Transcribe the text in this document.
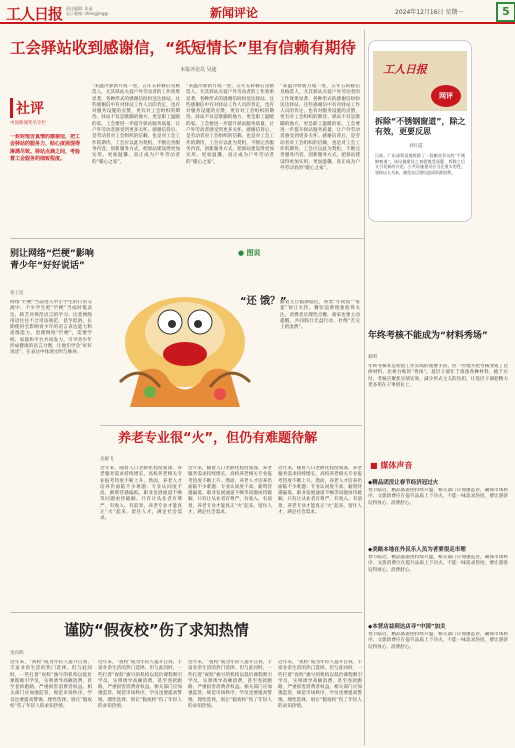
工人日报 责任编辑: 张晶
电子邮箱: zhangjing@..	新闻评论	2024年12月16日 星期一	5
工会驿站收到感谢信，“纸短情长”里有信赖有期待
本报评论员 吴迪
社评
中国新闻奖名专栏
一封封饱含真情的感谢信，把工会驿站的服务力、贴心度展现得淋漓尽致。驿站点滴之间，考验着工会服务的细致程度。
“来温冷驿新月成一进，五年五转移后及格选人，尤其驿站关爱户外劳动者的工作效果显著，各种形式的感谢信纷纷送达驿站。这些感谢信中有对驿站工作人员的肯定，也有对服务设施的点赞，更有对工会组织的期待。驿站不仅是歇脚的地方，更是职工温暖的家。工会要进一步提升驿站服务质量，让户外劳动者感受到更多关怀。感谢信背后，是劳动者对工会组织的信赖，也是对工会工作的期待，工会应以此为契机，不断完善服务内容，创新服务方式，把驿站建设得更加实用、更加温馨，真正成为户外劳动者的“暖心之家”。
“来温冷驿新月成一进，五年五转移后及格选人，尤其驿站关爱户外劳动者的工作效果显著，各种形式的感谢信纷纷送达驿站。这些感谢信中有对驿站工作人员的肯定，也有对服务设施的点赞，更有对工会组织的期待。驿站不仅是歇脚的地方，更是职工温暖的家。工会要进一步提升驿站服务质量，让户外劳动者感受到更多关怀。感谢信背后，是劳动者对工会组织的信赖，也是对工会工作的期待，工会应以此为契机，不断完善服务内容，创新服务方式，把驿站建设得更加实用、更加温馨，真正成为户外劳动者的“暖心之家”。
“来温冷驿新月成一进，五年五转移后及格选人，尤其驿站关爱户外劳动者的工作效果显著，各种形式的感谢信纷纷送达驿站。这些感谢信中有对驿站工作人员的肯定，也有对服务设施的点赞，更有对工会组织的期待。驿站不仅是歇脚的地方，更是职工温暖的家。工会要进一步提升驿站服务质量，让户外劳动者感受到更多关怀。感谢信背后，是劳动者对工会组织的信赖，也是对工会工作的期待，工会应以此为契机，不断完善服务内容，创新服务方式，把驿站建设得更加实用、更加温馨，真正成为户外劳动者的“暖心之家”。
工人日报
网评
拆除“不锈钢窗道”，除之有效，更要反思
刘红霞
日前，广东深圳某地拆除了一段颇具争议的“不锈钢窗道”。该设施建设之初就饱受质疑，拆除之后又引发新的讨论。公共设施建设应当注重实用性，坚持以人为本，避免盲目建设造成资源浪费。
别让网络“烂梗”影响青少年“好好说话”
张子仪
网络“烂梗”当前进入中小学生的日常交流中，不少学生把“烂梗”当成时髦表达，缺乏对规范语言的学习。这类网络用语往往不合语法规范，甚至低俗，长期使用会影响青少年的语言表达能力和思维能力。治理网络“烂梗”，需要学校、家庭和平台共同发力，引导青少年形成健康的语言习惯，让他们学会“好好说话”，在表达中体现文明与修养。
● 图说
“还 饿？”
随着元旦假期临近，各类“年夜饭”“家宴”预订火热。餐饮浪费现象值得关注，消费者应理性点餐，商家也要主动提醒，共同践行光盘行动，杜绝“舌尖上的浪费”。
年终考核不能成为“材料秀场”
郝明
年终考核本是检验工作实绩的重要手段，但一些地方把考核变成了比拼材料、比拼台账的“秀场”。基层干部忙于准备各种材料，疲于应付。考核应聚焦实绩实效，减少形式主义的负担，让基层干部把精力更多用在干事创业上。
■ 媒体声音
◆精品团没让春节经济冠过火
春节临近，精品旅游团持续升温，相关部门应加强监管，确保市场秩序。文旅消费应在提升品质上下功夫，不能一味追求热度，要让游客玩得放心、消费舒心。
◆美路本地在外民乐人员为者要很走市理
春节临近，精品旅游团持续升温，相关部门应加强监管，确保市场秩序。文旅消费应在提升品质上下功夫，不能一味追求热度，要让游客玩得放心、消费舒心。
◆本营店益到达店寻“中国”加关
春节临近，精品旅游团持续升温，相关部门应加强监管，确保市场秩序。文旅消费应在提升品质上下功夫，不能一味追求热度，要让游客玩得放心、消费舒心。
养老专业很“火”，但仍有难题待解
龙敏飞
近年来，随着人口老龄化程度加深，养老服务需求持续增长，高校养老相关专业报考热度不断上升。然而，养老人才培养仍面临不少难题：专业认同度不高、薪资待遇偏低、职业发展通道不畅等问题亟待破解。只有让从业者有尊严、有收入、有前景，养老专业才能真正“火”起来，留住人才，满足社会需求。
近年来，随着人口老龄化程度加深，养老服务需求持续增长，高校养老相关专业报考热度不断上升。然而，养老人才培养仍面临不少难题：专业认同度不高、薪资待遇偏低、职业发展通道不畅等问题亟待破解。只有让从业者有尊严、有收入、有前景，养老专业才能真正“火”起来，留住人才，满足社会需求。
近年来，随着人口老龄化程度加深，养老服务需求持续增长，高校养老相关专业报考热度不断上升。然而，养老人才培养仍面临不少难题：专业认同度不高、薪资待遇偏低、职业发展通道不畅等问题亟待破解。只有让从业者有尊严、有收入、有前景，养老专业才能真正“火”起来，留住人才，满足社会需求。
谨防“假夜校”伤了求知热情
金向辉
近年来，“夜校”成为年轻人提升自我、丰富业余生活的热门选择。但与此同时，一些打着“夜校”旗号的机构以低价课程吸引学员，实则诱导高额消费，甚至卷款跑路，严重损害消费者权益。相关部门应加强监管，规范市场秩序，学员也要提高警惕，理性选择，别让“假夜校”伤了年轻人的求知热情。
近年来，“夜校”成为年轻人提升自我、丰富业余生活的热门选择。但与此同时，一些打着“夜校”旗号的机构以低价课程吸引学员，实则诱导高额消费，甚至卷款跑路，严重损害消费者权益。相关部门应加强监管，规范市场秩序，学员也要提高警惕，理性选择，别让“假夜校”伤了年轻人的求知热情。
近年来，“夜校”成为年轻人提升自我、丰富业余生活的热门选择。但与此同时，一些打着“夜校”旗号的机构以低价课程吸引学员，实则诱导高额消费，甚至卷款跑路，严重损害消费者权益。相关部门应加强监管，规范市场秩序，学员也要提高警惕，理性选择，别让“假夜校”伤了年轻人的求知热情。
近年来，“夜校”成为年轻人提升自我、丰富业余生活的热门选择。但与此同时，一些打着“夜校”旗号的机构以低价课程吸引学员，实则诱导高额消费，甚至卷款跑路，严重损害消费者权益。相关部门应加强监管，规范市场秩序，学员也要提高警惕，理性选择，别让“假夜校”伤了年轻人的求知热情。
